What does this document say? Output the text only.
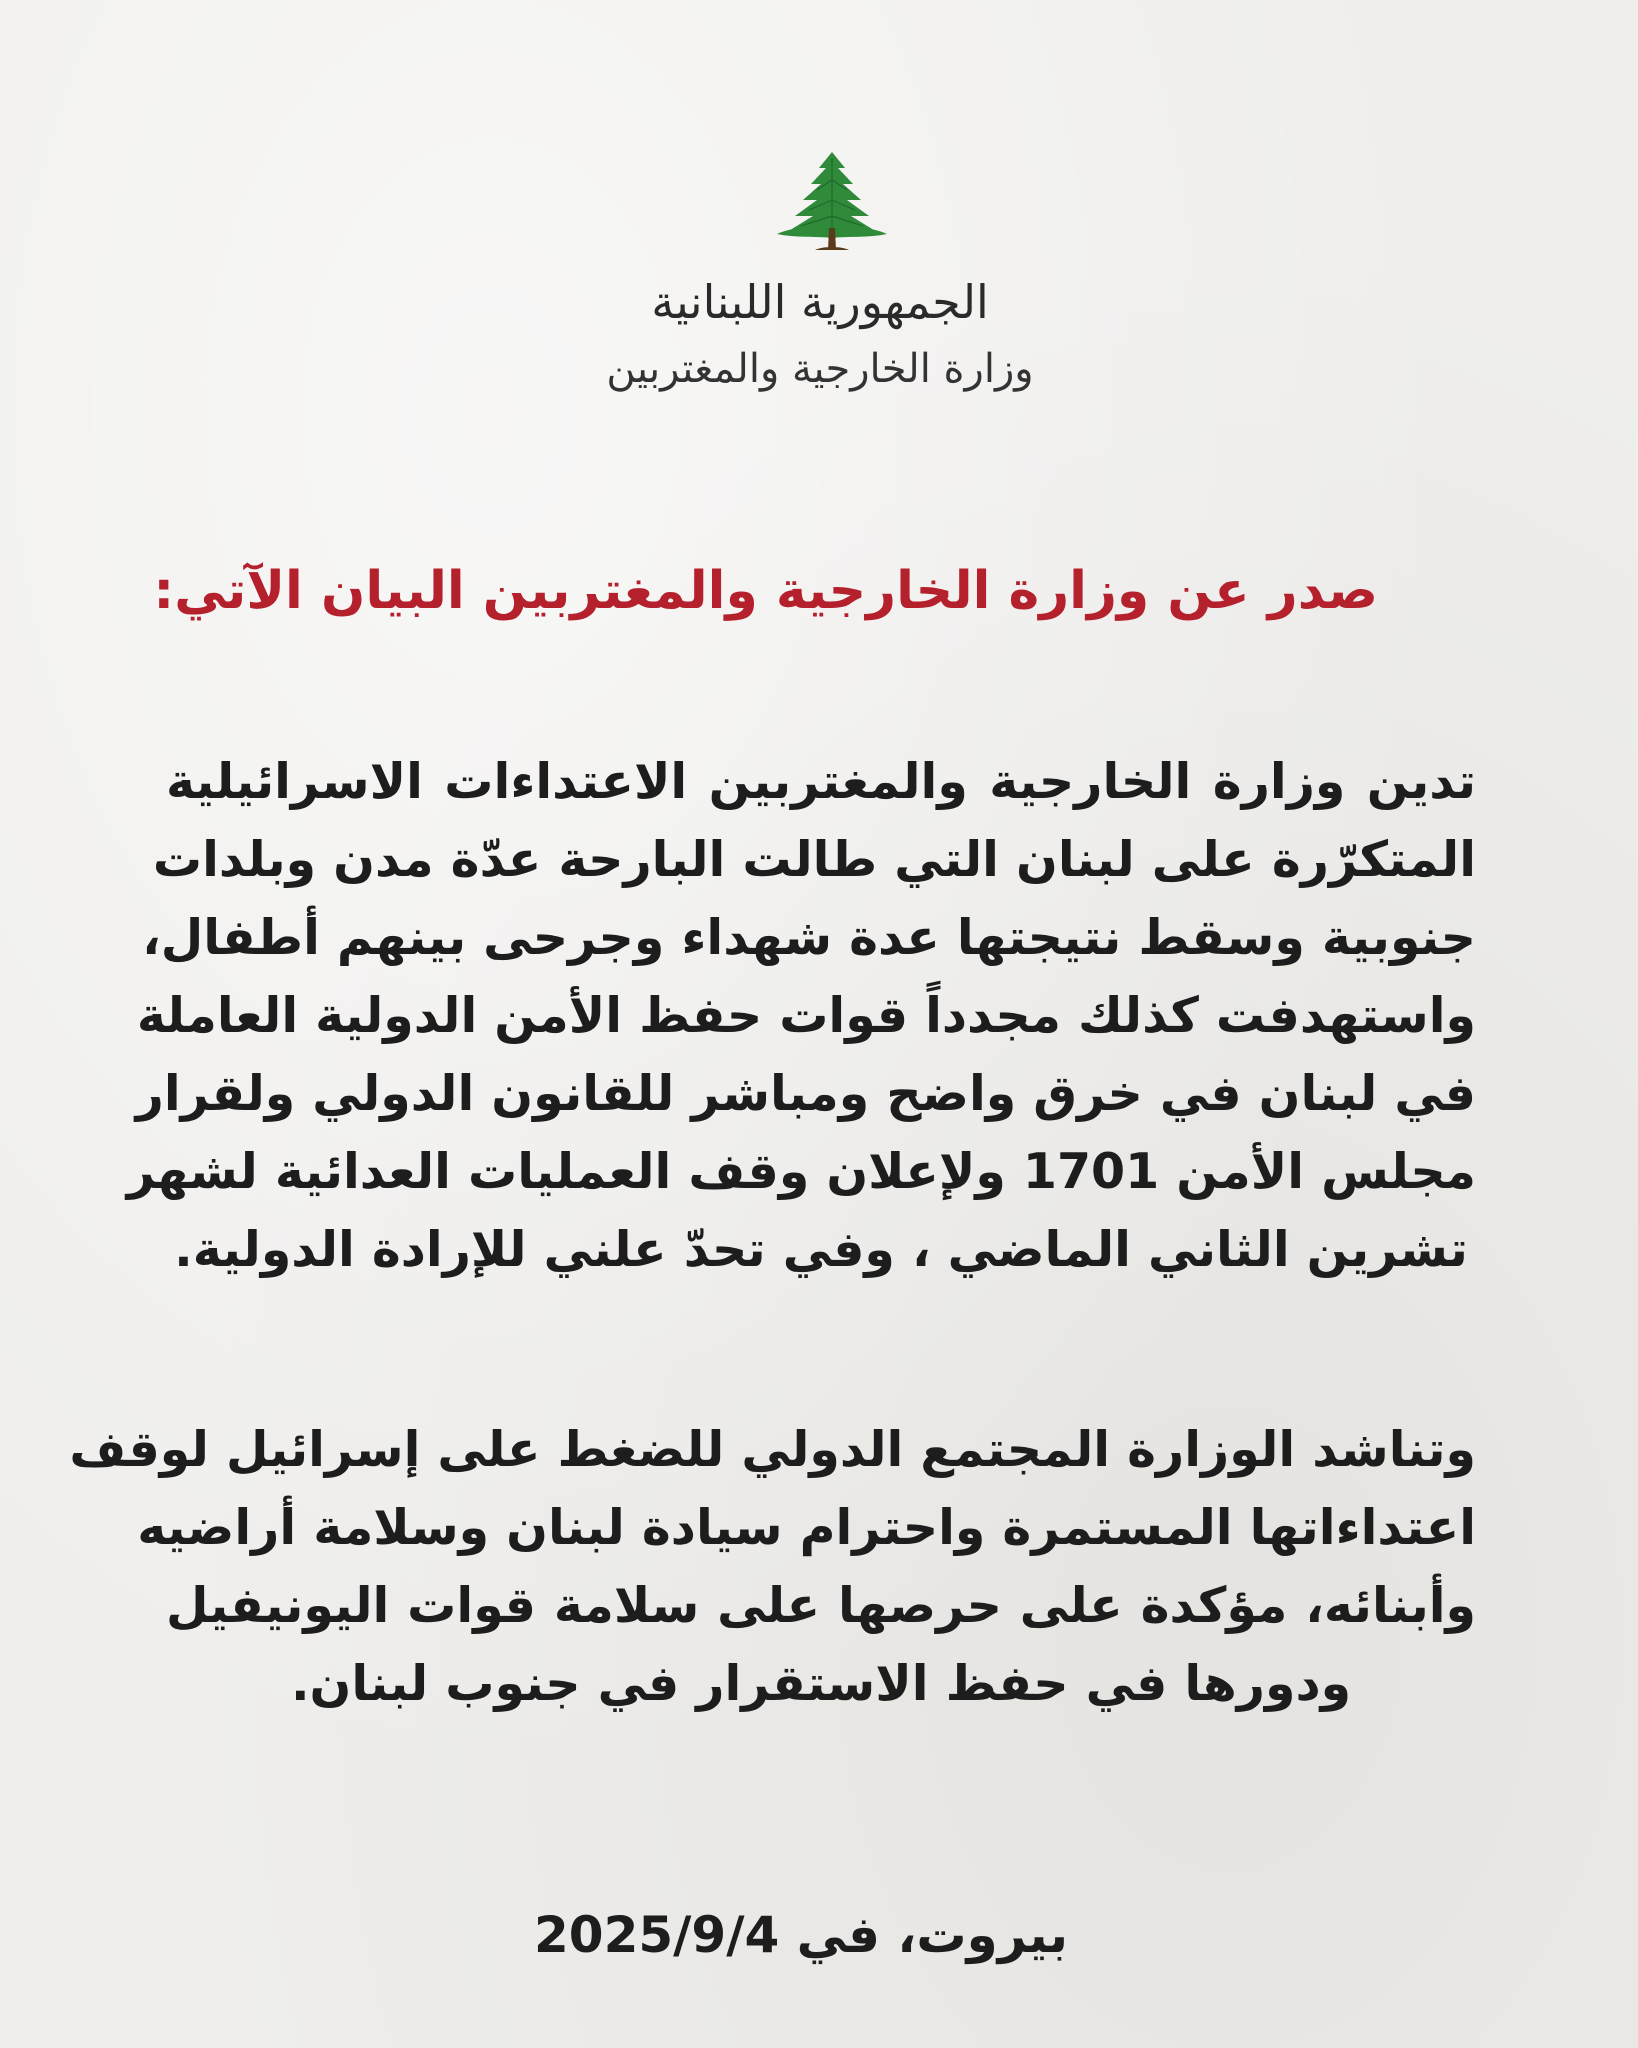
الجمهورية اللبنانية
وزارة الخارجية والمغتربين
صدر عن وزارة الخارجية والمغتربين البيان الآتي:
تدين وزارة الخارجية والمغتربين الاعتداءات الاسرائيلية
المتكرّرة على لبنان التي طالت البارحة عدّة مدن وبلدات
جنوبية وسقط نتيجتها عدة شهداء وجرحى بينهم أطفال،
واستهدفت كذلك مجدداً قوات حفظ الأمن الدولية العاملة
في لبنان في خرق واضح ومباشر للقانون الدولي ولقرار
مجلس الأمن 1701 ولإعلان وقف العمليات العدائية لشهر
تشرين الثاني الماضي ، وفي تحدّ علني للإرادة الدولية.
وتناشد الوزارة المجتمع الدولي للضغط على إسرائيل لوقف
اعتداءاتها المستمرة واحترام سيادة لبنان وسلامة أراضيه
وأبنائه، مؤكدة على حرصها على سلامة قوات اليونيفيل
ودورها في حفظ الاستقرار في جنوب لبنان.
بيروت، في 2025/9/4
